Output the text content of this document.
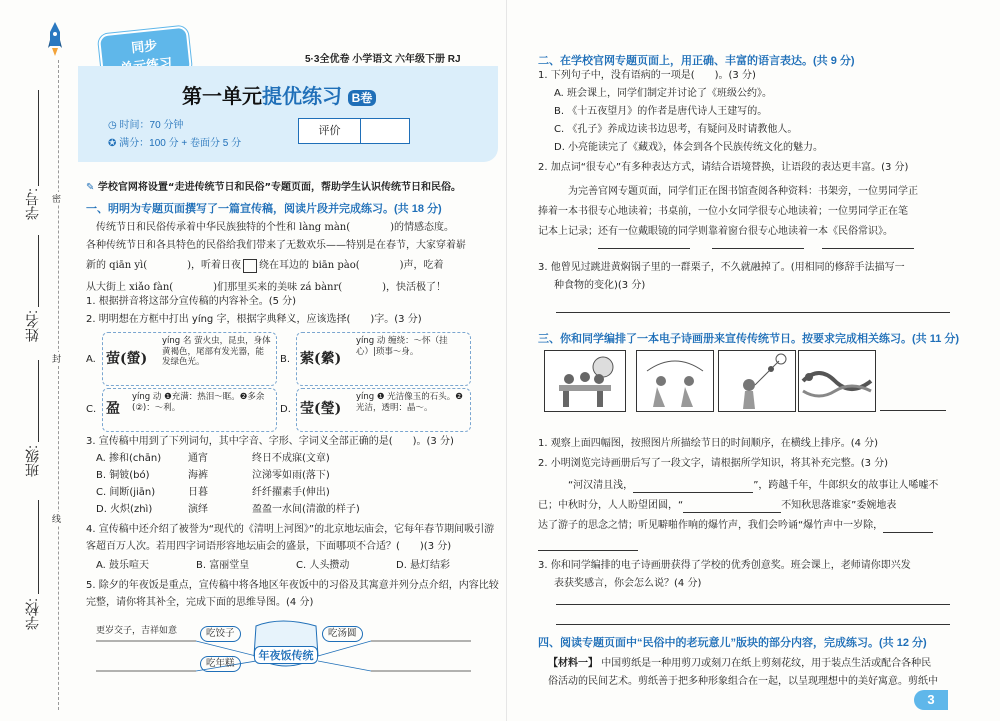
密
封
线
学号:
姓名:
班级:
学校:
同步
5·3全优卷 小学语文 六年级下册 RJ
第一单元提优练习 B卷
◷ 时间：70 分钟
✪ 满分：100 分 + 卷面分 5 分
评价
✎ 学校官网将设置“走进传统节日和民俗”专题页面，帮助学生认识传统节日和民俗。
一、明明为专题页面撰写了一篇宣传稿，阅读片段并完成练习。(共 18 分)
传统节日和民俗传承着中华民族独特的个性和 làng màn(　　　　)的情感态度。
各种传统节日和各具特色的民俗给我们带来了无数欢乐——特别是在春节，大家穿着崭
新的 qiān yì(　　　　)，听着日夜 绕在耳边的 biān pào(　　　　)声，吃着
从大街上 xiǎo fàn(　　　　)们那里买来的美味 zá bànr(　　　　)，快活极了！
1. 根据拼音将这部分宣传稿的内容补全。(5 分)
2. 明明想在方框中打出 yíng 字，根据字典释义，应该选择(　　)字。(3 分)
A. 萤(螢)
yíng 名 萤火虫，昆虫，身体黄褐色，尾部有发光器，能发绿色光。	B. 萦(縈)
yíng 动 缠绕：～怀（挂心）|琐事～身。
C. 盈
yíng 动 ❶充满：热泪～眶。❷多余(②)：～利。	D. 莹(瑩)
yíng ❶ 光洁像玉的石头。❷ 光洁，透明：晶～。
3. 宣传稿中用到了下列词句，其中字音、字形、字词义全部正确的是(　　)。(3 分)
A. 掺和(chān)	通宵	终日不成寐(文章)
B. 铜铍(bó)	海裤	泣涕零如雨(落下)
C. 间断(jiān)	日暮	纤纤擢素手(伸出)
D. 火炽(zhì)	演绎	盈盈一水间(清澈的样子)
4. 宣传稿中还介绍了被誉为“现代的《清明上河图》”的北京地坛庙会，它每年春节期间吸引游
客超百万人次。若用四字词语形容地坛庙会的盛景，下面哪项不合适？(　　)(3 分)
A. 鼓乐喧天	B. 富丽堂皇	C. 人头攒动	D. 悬灯结彩
5. 除夕的年夜饭是重点，宣传稿中将各地区年夜饭中的习俗及其寓意并列分点介绍，内容比较
完整，请你将其补全，完成下面的思维导图。(4 分)
更岁交子，吉祥如意	吃饺子	吃汤圆
吃年糕
年夜饭传统
二、在学校官网专题页面上，用正确、丰富的语言表达。(共 9 分)
1. 下列句子中，没有语病的一项是(　　)。(3 分)
A. 班会课上，同学们制定并讨论了《班级公约》。
B. 《十五夜望月》的作者是唐代诗人王建写的。
C. 《孔子》养成边读书边思考，有疑问及时请教他人。
D. 小亮能读完了《藏戏》，体会到各个民族传统文化的魅力。
2. 加点词“很专心”有多种表达方式，请结合语境替换，让语段的表达更丰富。(3 分)
为完善官网专题页面，同学们正在图书馆查阅各种资料：书架旁，一位男同学正
捧着一本书很专心地读着；书桌前，一位小女同学很专心地读着；一位男同学正在笔
记本上记录；还有一位戴眼镜的同学则靠着窗台很专心地读着一本《民俗常识》。
3. 他曾见过跳进黄焖锅子里的一群栗子，不久就融掉了。(用相同的修辞手法描写一
种食物的变化)(3 分)
三、你和同学编排了一本电子诗画册来宣传传统节日。按要求完成相关练习。(共 11 分)
1. 观察上面四幅图，按照图片所描绘节日的时间顺序，在横线上排序。(4 分)
2. 小明浏览完诗画册后写了一段文字，请根据所学知识，将其补充完整。(3 分)
“河汉清且浅，	”，跨越千年，牛郎织女的故事让人唏嘘不
已；中秋时分，人人盼望团圆，“	不知秋思落谁家”委婉地表
达了游子的思念之情；听见噼啪作响的爆竹声，我们会吟诵“爆竹声中一岁除，
3. 你和同学编排的电子诗画册获得了学校的优秀创意奖。班会课上，老师请你即兴发
表获奖感言，你会怎么说？(4 分)
四、阅读专题页面中“民俗中的老玩意儿”版块的部分内容，完成练习。(共 12 分)
【材料一】 中国剪纸是一种用剪刀或刻刀在纸上剪刻花纹，用于装点生活或配合各种民
俗活动的民间艺术。剪纸善于把多种形象组合在一起，以呈现理想中的美好寓意。剪纸中
3
